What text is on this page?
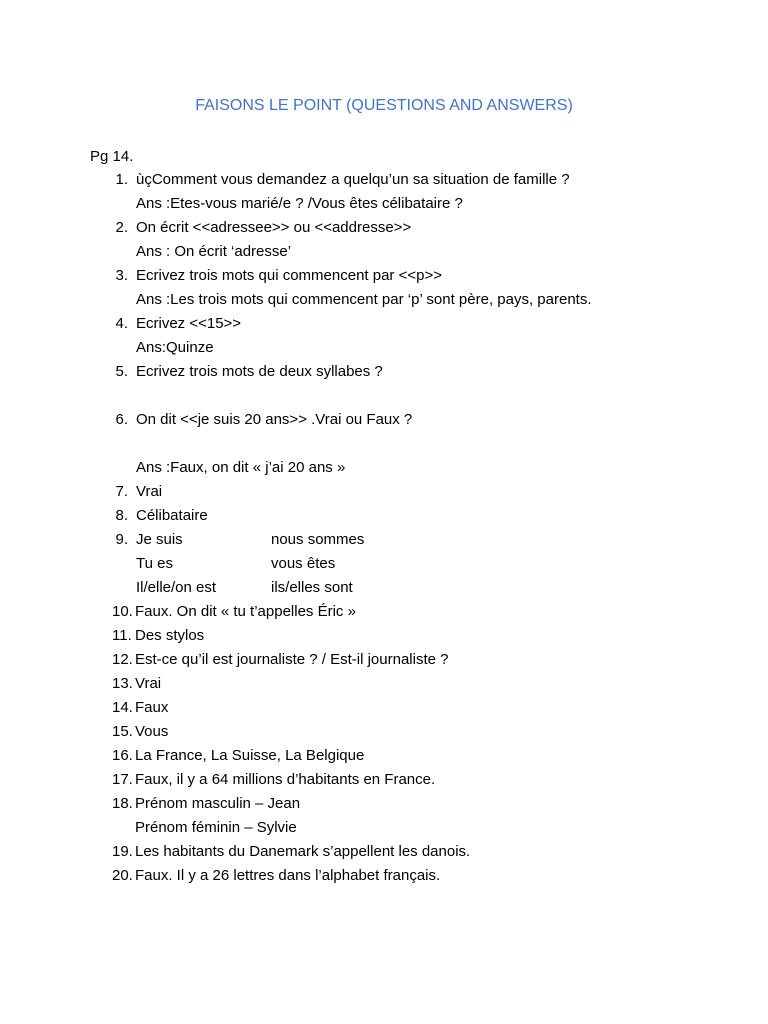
FAISONS LE POINT (QUESTIONS AND ANSWERS)
Pg 14.
1. ùçComment vous demandez a quelqu’un sa situation de famille ?
Ans :Etes-vous marié/e ? /Vous êtes célibataire ?
2. On écrit <<adressee>> ou <<addresse>>
Ans : On écrit ‘adresse’
3. Ecrivez trois mots qui commencent par <<p>>
Ans :Les trois mots qui commencent par ‘p’ sont père, pays, parents.
4. Ecrivez <<15>>
Ans:Quinze
5. Ecrivez trois mots de deux syllabes ?
6. On dit <<je suis 20 ans>> .Vrai ou Faux ?
Ans :Faux, on dit « j’ai 20 ans »
7. Vrai
8. Célibataire
9. Je suis	nous sommes
Tu es	vous êtes
Il/elle/on est	ils/elles sont
10. Faux. On dit « tu t’appelles Éric »
11. Des stylos
12. Est-ce qu’il est journaliste ? / Est-il journaliste ?
13. Vrai
14. Faux
15. Vous
16. La France, La Suisse, La Belgique
17. Faux, il y a 64 millions d’habitants en France.
18. Prénom masculin – Jean
Prénom féminin – Sylvie
19. Les habitants du Danemark s’appellent les danois.
20. Faux. Il y a 26 lettres dans l’alphabet français.
